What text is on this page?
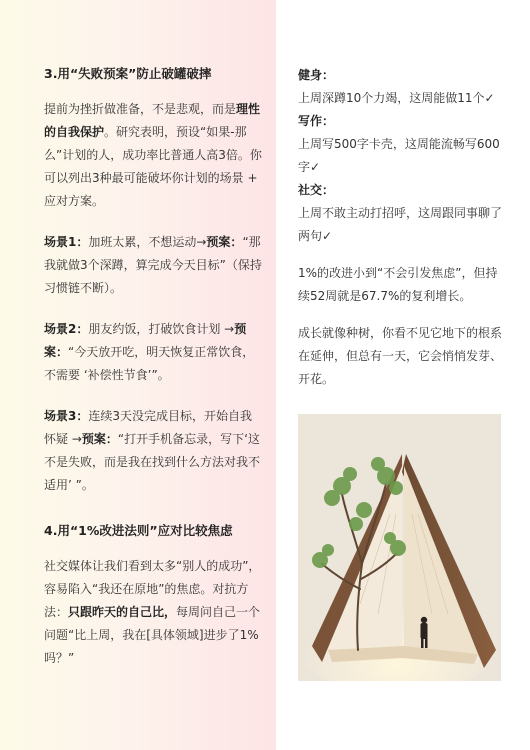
3.用“失败预案”防止破罐破摔
提前为挫折做准备，不是悲观，而是理性的自我保护。研究表明，预设“如果-那么”计划的人，成功率比普通人高3倍。你可以列出3种最可能破坏你计划的场景 + 应对方案。
场景1：加班太累，不想运动→预案：“那我就做3个深蹲，算完成今天目标”（保持习惯链不断）。
场景2：朋友约饭，打破饮食计划 →预案：“今天放开吃，明天恢复正常饮食，不需要 ‘补偿性节食’”。
场景3：连续3天没完成目标，开始自我怀疑 →预案：“打开手机备忘录，写下‘这不是失败，而是我在找到什么方法对我不适用’ ”。
4.用“1%改进法则”应对比较焦虑
社交媒体让我们看到太多“别人的成功”，容易陷入“我还在原地”的焦虑。对抗方法：只跟昨天的自己比，每周问自己一个问题“比上周，我在[具体领域]进步了1%吗？”
健身：
上周深蹲10个力竭，这周能做11个✓
写作：
上周写500字卡壳，这周能流畅写600字✓
社交：
上周不敢主动打招呼，这周跟同事聊了两句✓
1%的改进小到“不会引发焦虑”，但持续52周就是67.7%的复利增长。
成长就像种树，你看不见它地下的根系在延伸，但总有一天，它会悄悄发芽、开花。
